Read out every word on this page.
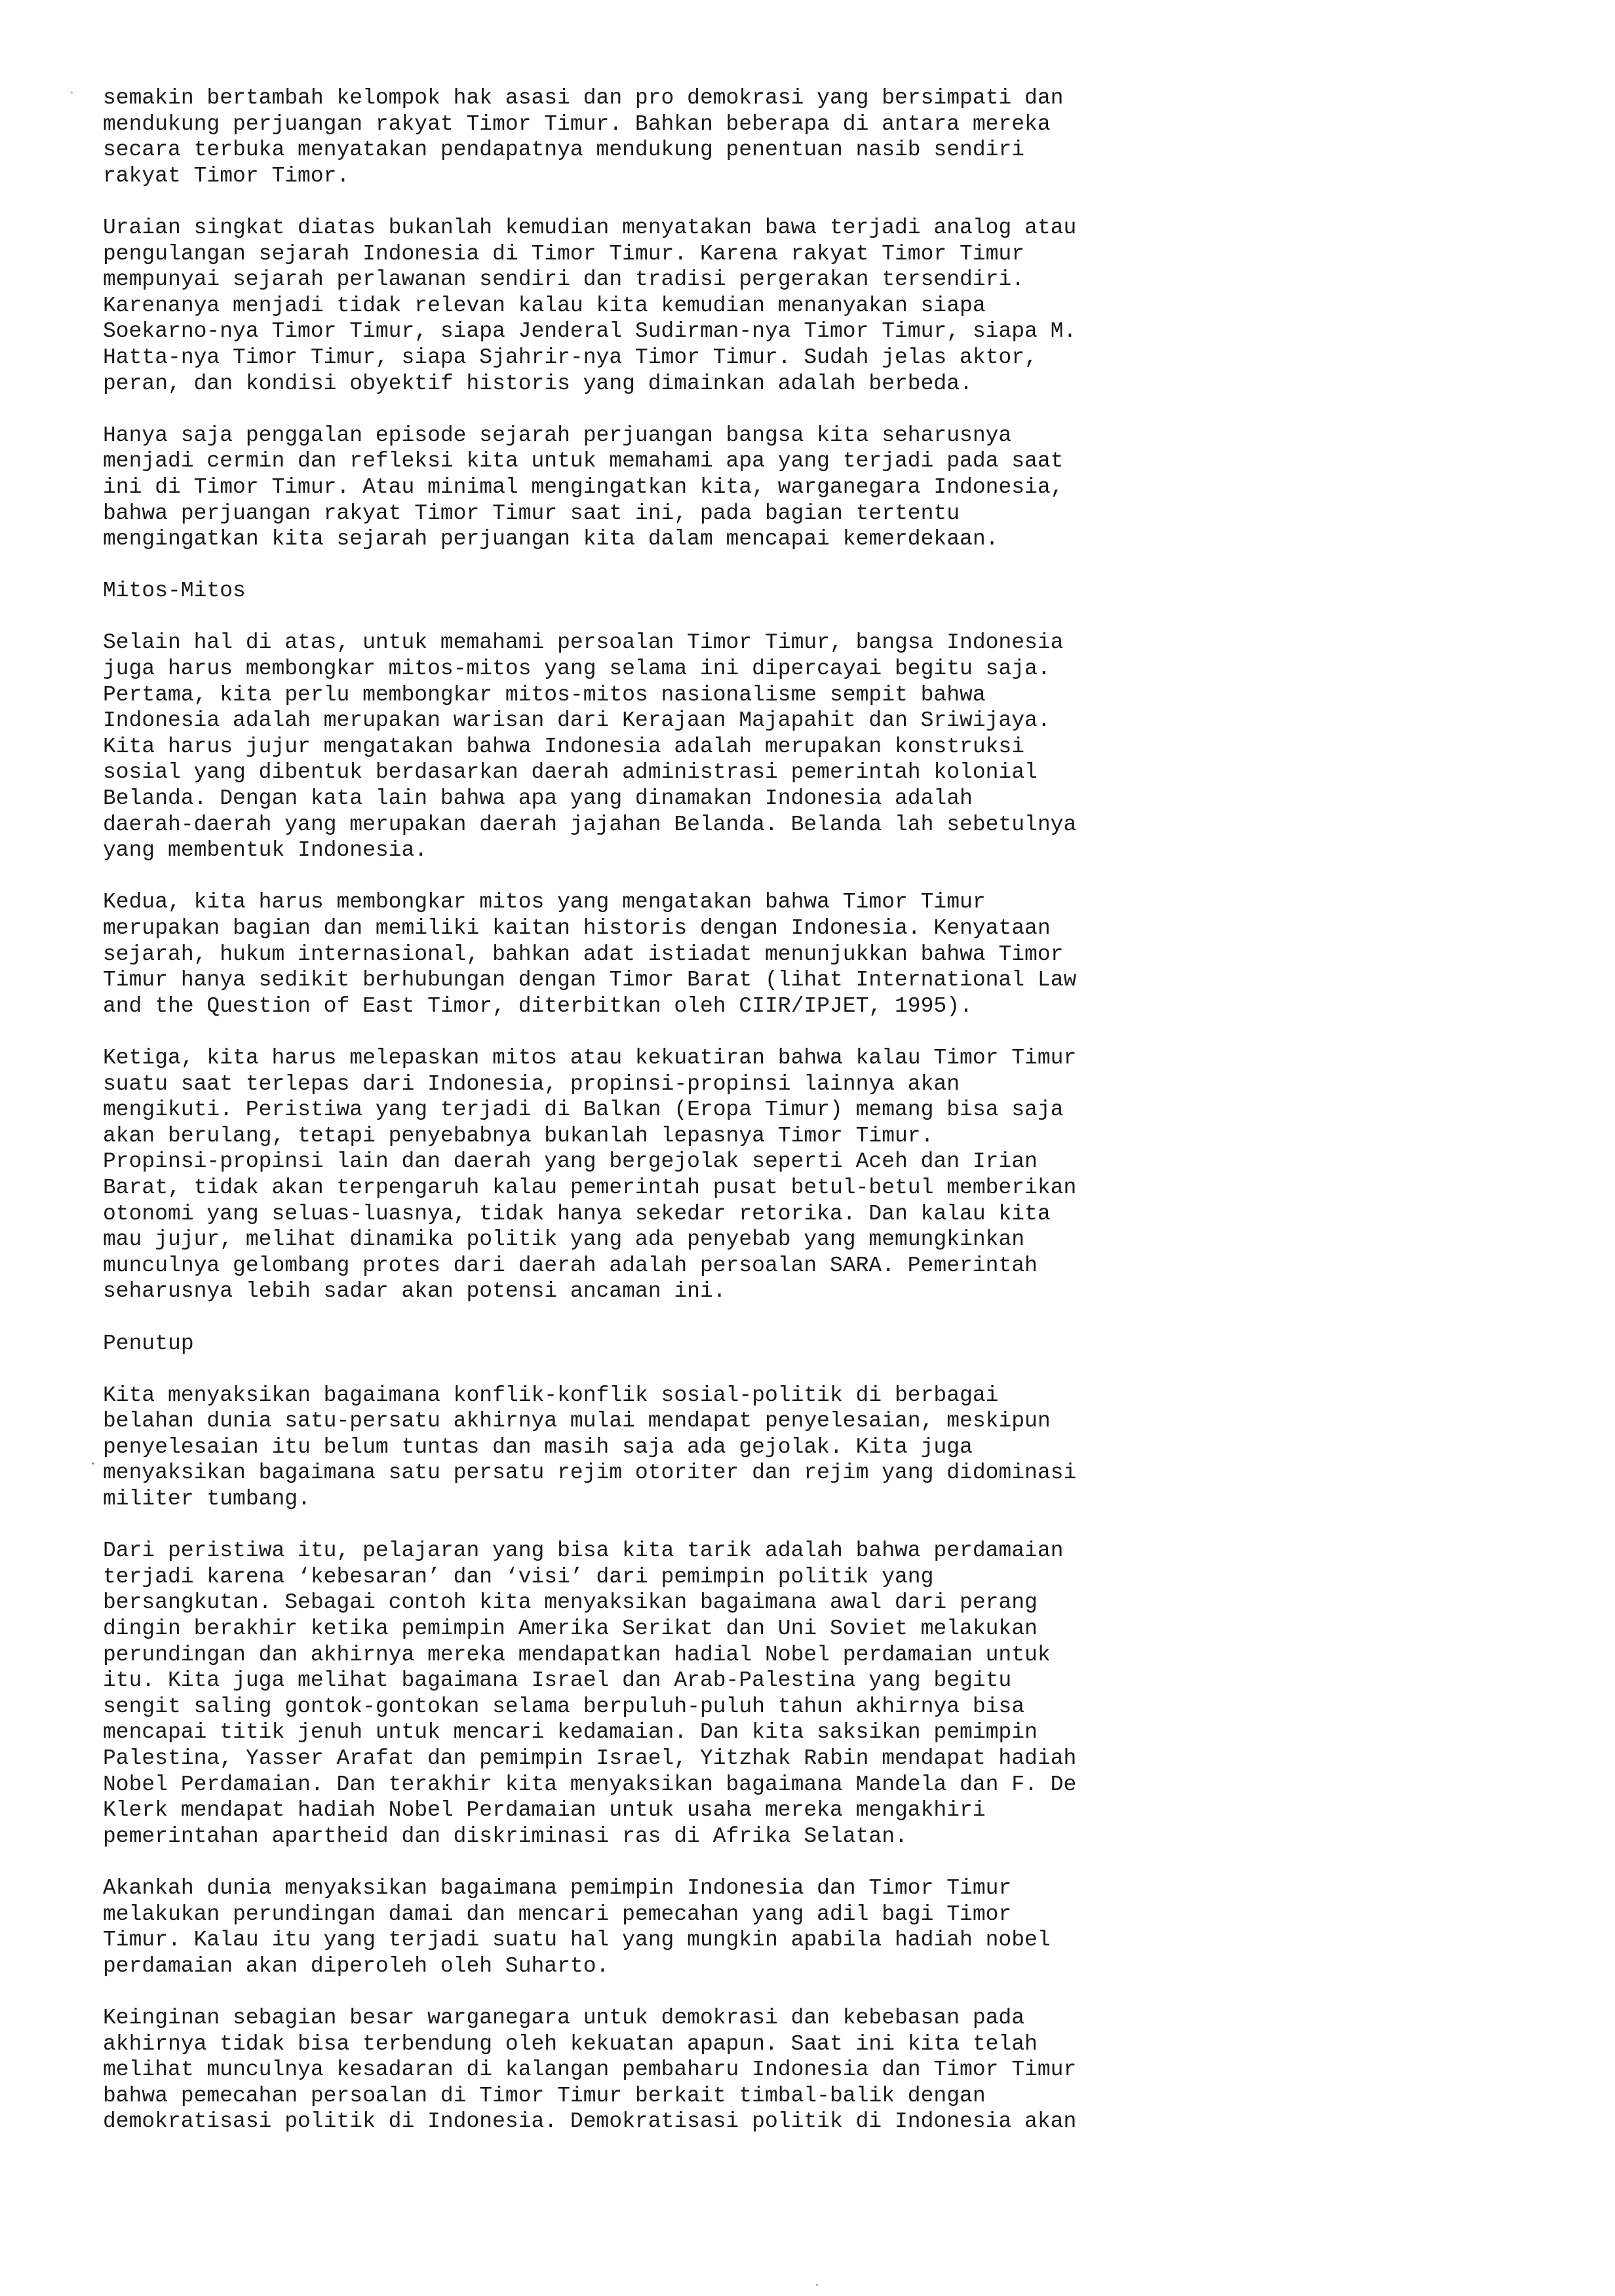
semakin bertambah kelompok hak asasi dan pro demokrasi yang bersimpati dan
mendukung perjuangan rakyat Timor Timur. Bahkan beberapa di antara mereka
secara terbuka menyatakan pendapatnya mendukung penentuan nasib sendiri
rakyat Timor Timor.
Uraian singkat diatas bukanlah kemudian menyatakan bawa terjadi analog atau
pengulangan sejarah Indonesia di Timor Timur. Karena rakyat Timor Timur
mempunyai sejarah perlawanan sendiri dan tradisi pergerakan tersendiri.
Karenanya menjadi tidak relevan kalau kita kemudian menanyakan siapa
Soekarno-nya Timor Timur, siapa Jenderal Sudirman-nya Timor Timur, siapa M.
Hatta-nya Timor Timur, siapa Sjahrir-nya Timor Timur. Sudah jelas aktor,
peran, dan kondisi obyektif historis yang dimainkan adalah berbeda.
Hanya saja penggalan episode sejarah perjuangan bangsa kita seharusnya
menjadi cermin dan refleksi kita untuk memahami apa yang terjadi pada saat
ini di Timor Timur. Atau minimal mengingatkan kita, warganegara Indonesia,
bahwa perjuangan rakyat Timor Timur saat ini, pada bagian tertentu
mengingatkan kita sejarah perjuangan kita dalam mencapai kemerdekaan.
Mitos-Mitos
Selain hal di atas, untuk memahami persoalan Timor Timur, bangsa Indonesia
juga harus membongkar mitos-mitos yang selama ini dipercayai begitu saja.
Pertama, kita perlu membongkar mitos-mitos nasionalisme sempit bahwa
Indonesia adalah merupakan warisan dari Kerajaan Majapahit dan Sriwijaya.
Kita harus jujur mengatakan bahwa Indonesia adalah merupakan konstruksi
sosial yang dibentuk berdasarkan daerah administrasi pemerintah kolonial
Belanda. Dengan kata lain bahwa apa yang dinamakan Indonesia adalah
daerah-daerah yang merupakan daerah jajahan Belanda. Belanda lah sebetulnya
yang membentuk Indonesia.
Kedua, kita harus membongkar mitos yang mengatakan bahwa Timor Timur
merupakan bagian dan memiliki kaitan historis dengan Indonesia. Kenyataan
sejarah, hukum internasional, bahkan adat istiadat menunjukkan bahwa Timor
Timur hanya sedikit berhubungan dengan Timor Barat (lihat International Law
and the Question of East Timor, diterbitkan oleh CIIR/IPJET, 1995).
Ketiga, kita harus melepaskan mitos atau kekuatiran bahwa kalau Timor Timur
suatu saat terlepas dari Indonesia, propinsi-propinsi lainnya akan
mengikuti. Peristiwa yang terjadi di Balkan (Eropa Timur) memang bisa saja
akan berulang, tetapi penyebabnya bukanlah lepasnya Timor Timur.
Propinsi-propinsi lain dan daerah yang bergejolak seperti Aceh dan Irian
Barat, tidak akan terpengaruh kalau pemerintah pusat betul-betul memberikan
otonomi yang seluas-luasnya, tidak hanya sekedar retorika. Dan kalau kita
mau jujur, melihat dinamika politik yang ada penyebab yang memungkinkan
munculnya gelombang protes dari daerah adalah persoalan SARA. Pemerintah
seharusnya lebih sadar akan potensi ancaman ini.
Penutup
Kita menyaksikan bagaimana konflik-konflik sosial-politik di berbagai
belahan dunia satu-persatu akhirnya mulai mendapat penyelesaian, meskipun
penyelesaian itu belum tuntas dan masih saja ada gejolak. Kita juga
menyaksikan bagaimana satu persatu rejim otoriter dan rejim yang didominasi
militer tumbang.
Dari peristiwa itu, pelajaran yang bisa kita tarik adalah bahwa perdamaian
terjadi karena ‘kebesaran’ dan ‘visi’ dari pemimpin politik yang
bersangkutan. Sebagai contoh kita menyaksikan bagaimana awal dari perang
dingin berakhir ketika pemimpin Amerika Serikat dan Uni Soviet melakukan
perundingan dan akhirnya mereka mendapatkan hadial Nobel perdamaian untuk
itu. Kita juga melihat bagaimana Israel dan Arab-Palestina yang begitu
sengit saling gontok-gontokan selama berpuluh-puluh tahun akhirnya bisa
mencapai titik jenuh untuk mencari kedamaian. Dan kita saksikan pemimpin
Palestina, Yasser Arafat dan pemimpin Israel, Yitzhak Rabin mendapat hadiah
Nobel Perdamaian. Dan terakhir kita menyaksikan bagaimana Mandela dan F. De
Klerk mendapat hadiah Nobel Perdamaian untuk usaha mereka mengakhiri
pemerintahan apartheid dan diskriminasi ras di Afrika Selatan.
Akankah dunia menyaksikan bagaimana pemimpin Indonesia dan Timor Timur
melakukan perundingan damai dan mencari pemecahan yang adil bagi Timor
Timur. Kalau itu yang terjadi suatu hal yang mungkin apabila hadiah nobel
perdamaian akan diperoleh oleh Suharto.
Keinginan sebagian besar warganegara untuk demokrasi dan kebebasan pada
akhirnya tidak bisa terbendung oleh kekuatan apapun. Saat ini kita telah
melihat munculnya kesadaran di kalangan pembaharu Indonesia dan Timor Timur
bahwa pemecahan persoalan di Timor Timur berkait timbal-balik dengan
demokratisasi politik di Indonesia. Demokratisasi politik di Indonesia akan
